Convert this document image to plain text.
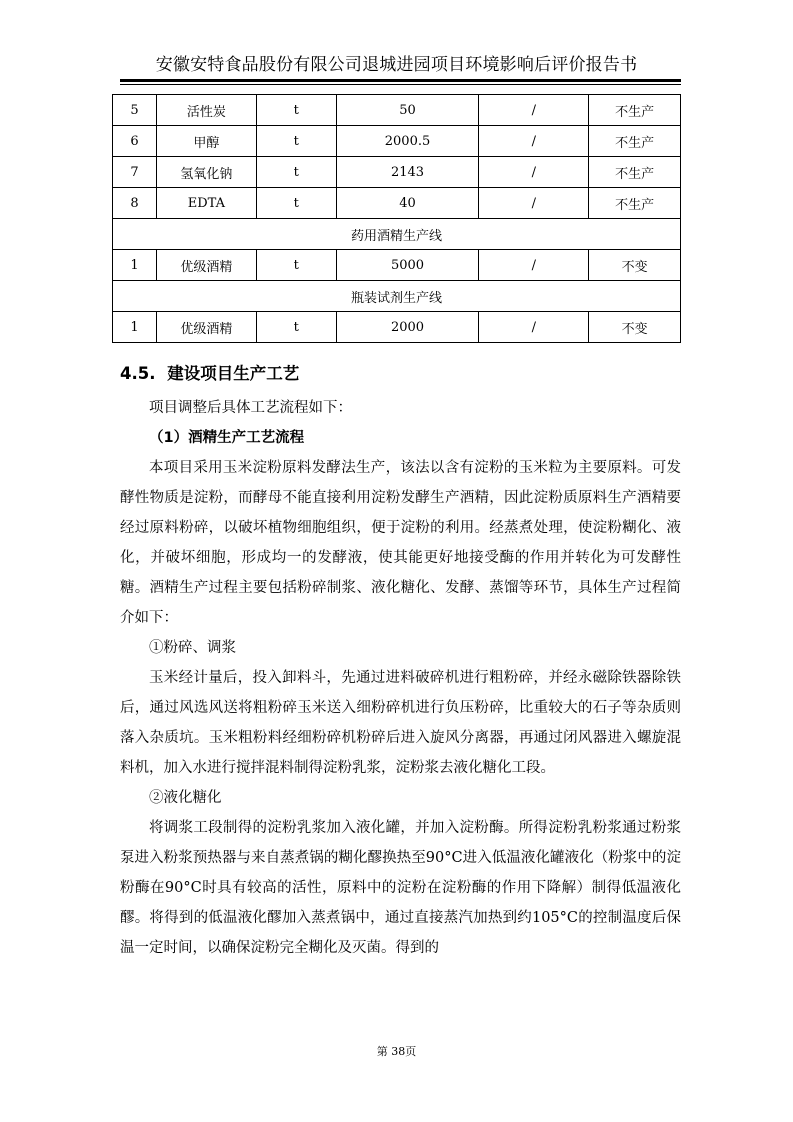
安徽安特食品股份有限公司退城进园项目环境影响后评价报告书
5	活性炭	t	50	/	不生产
6	甲醇	t	2000.5	/	不生产
7	氢氧化钠	t	2143	/	不生产
8	EDTA	t	40	/	不生产
药用酒精生产线					
1	优级酒精	t	5000	/	不变
瓶装试剂生产线					
1	优级酒精	t	2000	/	不变
4.5. 建设项目生产工艺

项目调整后具体工艺流程如下：

（1）酒精生产工艺流程

本项目采用玉米淀粉原料发酵法生产，该法以含有淀粉的玉米粒为主要原料。可发酵性物质是淀粉，而酵母不能直接利用淀粉发酵生产酒精，因此淀粉质原料生产酒精要经过原料粉碎，以破坏植物细胞组织，便于淀粉的利用。经蒸煮处理，使淀粉糊化、液化，并破坏细胞，形成均一的发酵液，使其能更好地接受酶的作用并转化为可发酵性糖。酒精生产过程主要包括粉碎制浆、液化糖化、发酵、蒸馏等环节，具体生产过程简介如下：

①粉碎、调浆

玉米经计量后，投入卸料斗，先通过进料破碎机进行粗粉碎，并经永磁除铁器除铁后，通过风选风送将粗粉碎玉米送入细粉碎机进行负压粉碎，比重较大的石子等杂质则落入杂质坑。玉米粗粉料经细粉碎机粉碎后进入旋风分离器，再通过闭风器进入螺旋混料机，加入水进行搅拌混料制得淀粉乳浆，淀粉浆去液化糖化工段。

②液化糖化

将调浆工段制得的淀粉乳浆加入液化罐，并加入淀粉酶。所得淀粉乳粉浆通过粉浆泵进入粉浆预热器与来自蒸煮锅的糊化醪换热至90°C进入低温液化罐液化（粉浆中的淀粉酶在90°C时具有较高的活性，原料中的淀粉在淀粉酶的作用下降解）制得低温液化醪。将得到的低温液化醪加入蒸煮锅中，通过直接蒸汽加热到约105°C的控制温度后保温一定时间，以确保淀粉完全糊化及灭菌。得到的

第 38页
